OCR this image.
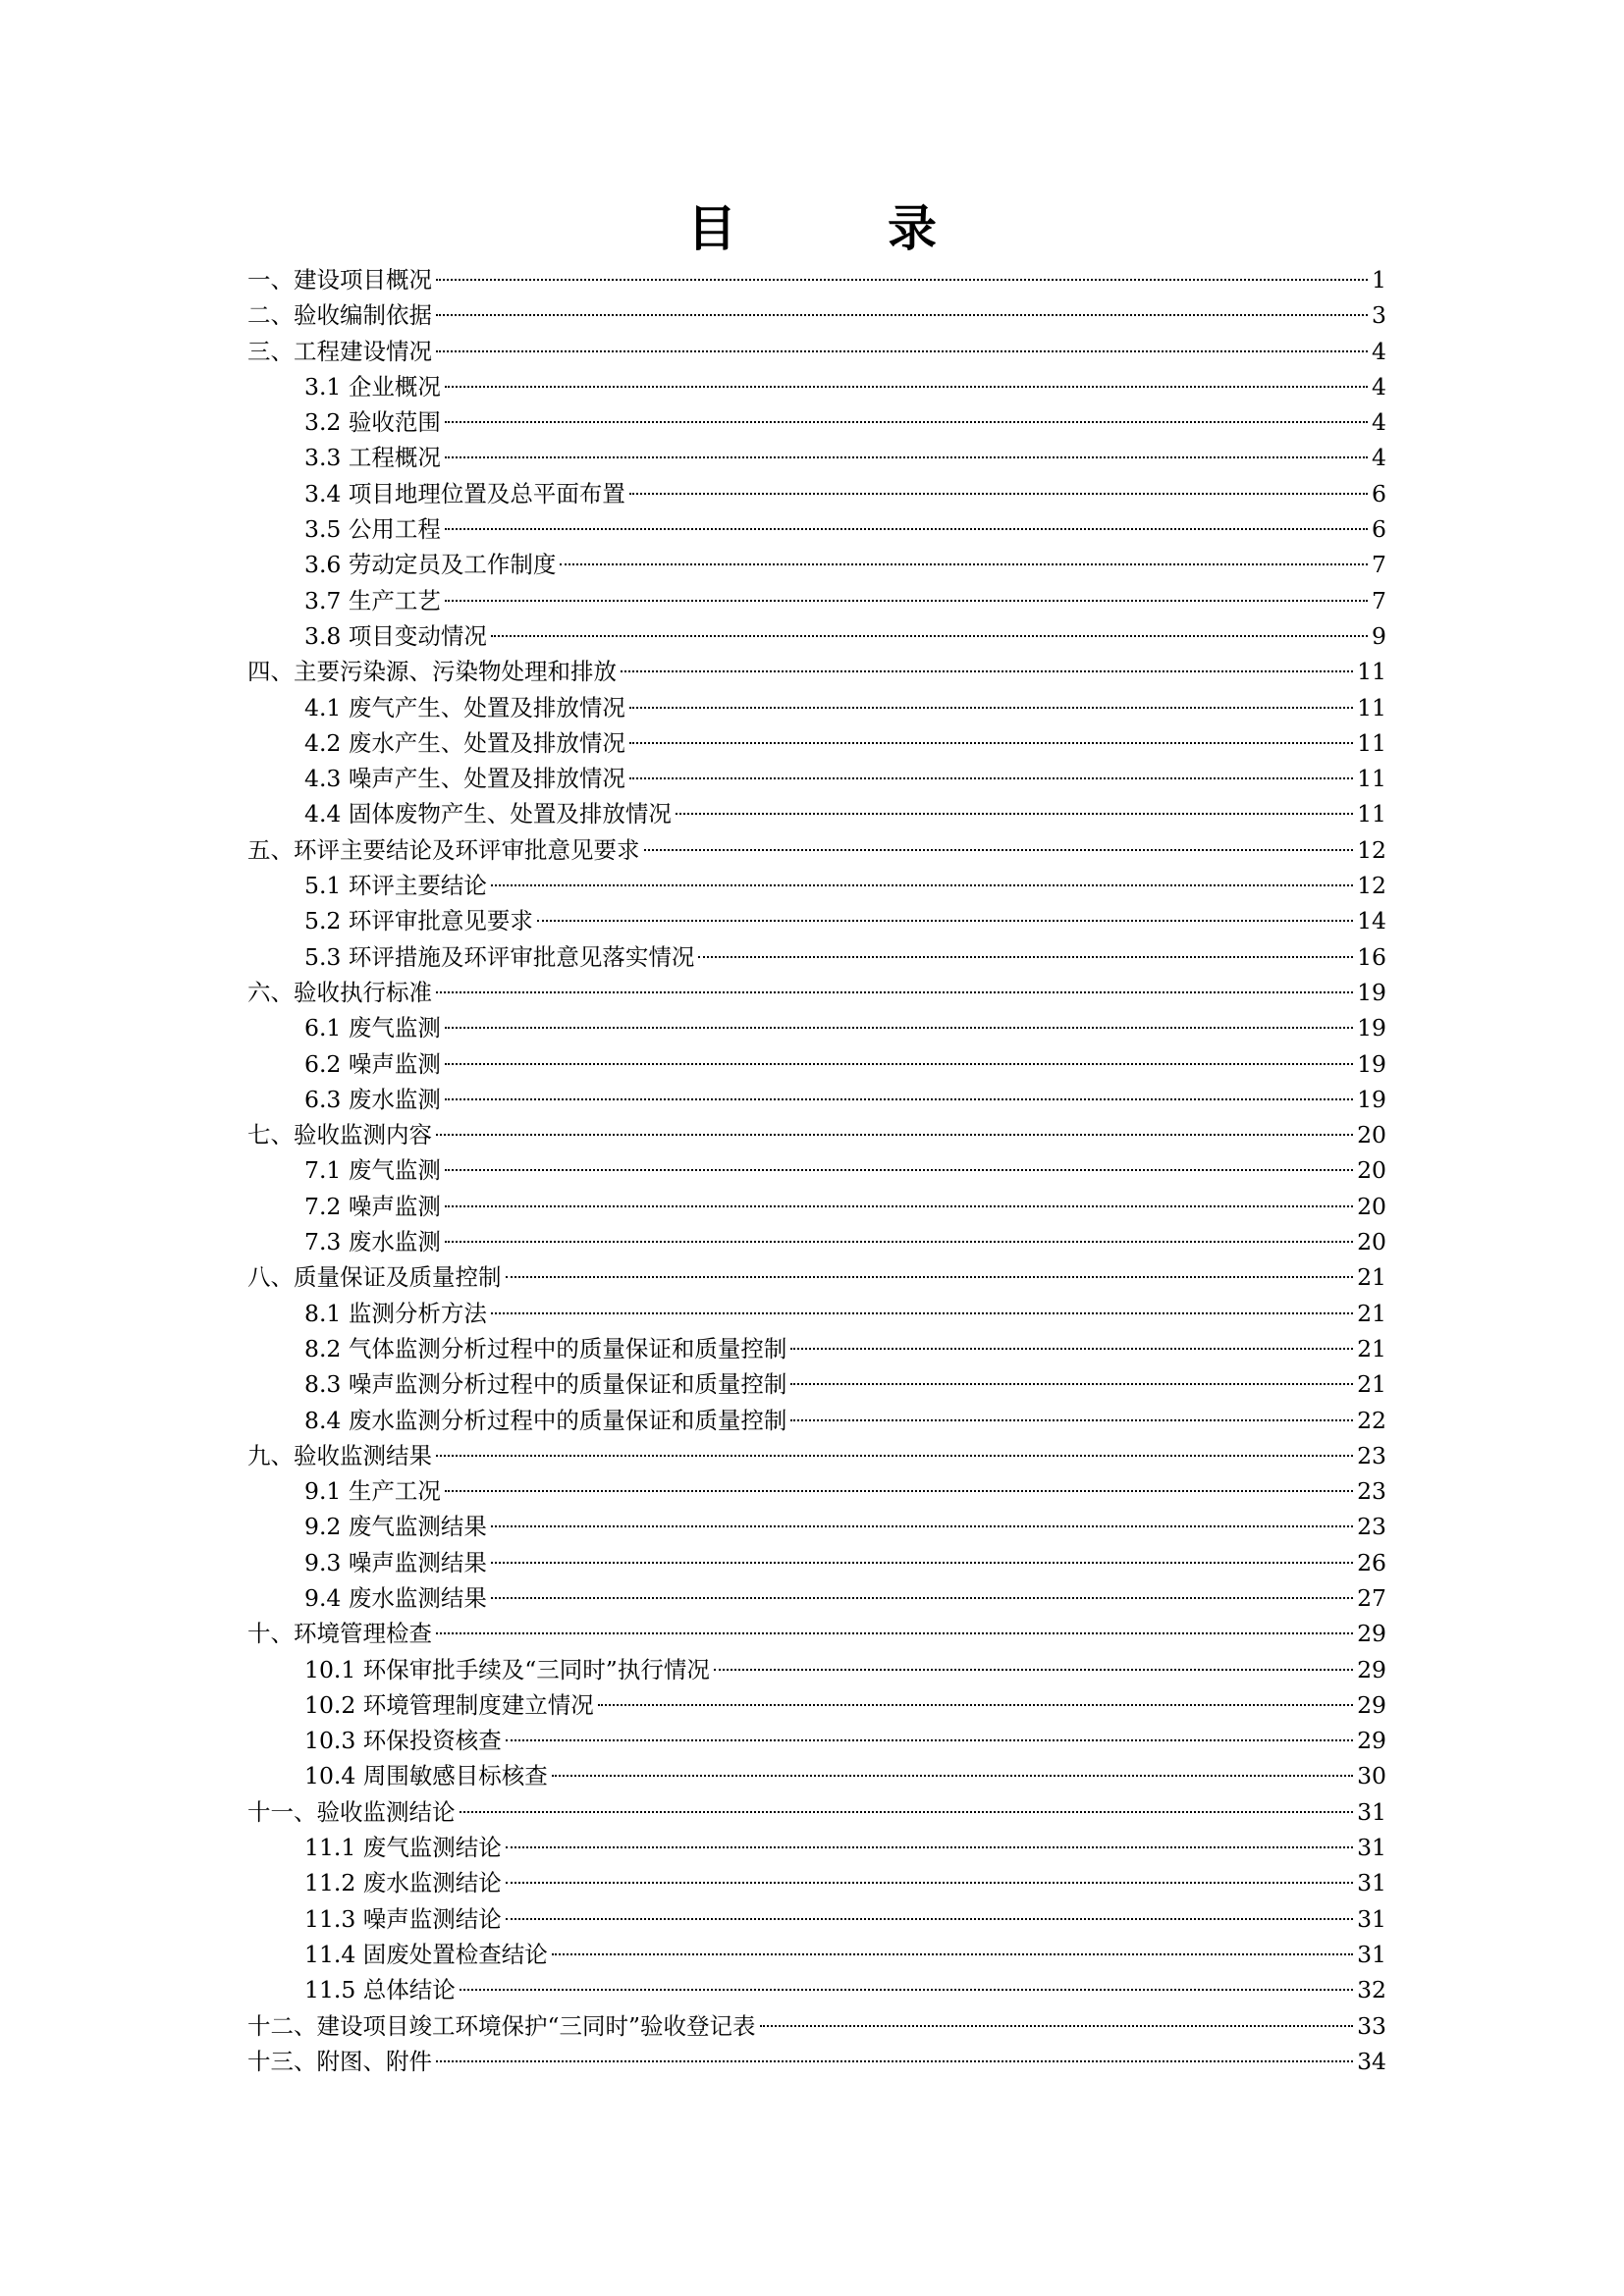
目　录
一、建设项目概况	1
二、验收编制依据	3
三、工程建设情况	4
3.1 企业概况	4
3.2 验收范围	4
3.3 工程概况	4
3.4 项目地理位置及总平面布置	6
3.5 公用工程	6
3.6 劳动定员及工作制度	7
3.7 生产工艺	7
3.8 项目变动情况	9
四、主要污染源、污染物处理和排放	11
4.1 废气产生、处置及排放情况	11
4.2 废水产生、处置及排放情况	11
4.3 噪声产生、处置及排放情况	11
4.4 固体废物产生、处置及排放情况	11
五、环评主要结论及环评审批意见要求	12
5.1 环评主要结论	12
5.2 环评审批意见要求	14
5.3 环评措施及环评审批意见落实情况	16
六、验收执行标准	19
6.1 废气监测	19
6.2 噪声监测	19
6.3 废水监测	19
七、验收监测内容	20
7.1 废气监测	20
7.2 噪声监测	20
7.3 废水监测	20
八、质量保证及质量控制	21
8.1 监测分析方法	21
8.2 气体监测分析过程中的质量保证和质量控制	21
8.3 噪声监测分析过程中的质量保证和质量控制	21
8.4 废水监测分析过程中的质量保证和质量控制	22
九、验收监测结果	23
9.1 生产工况	23
9.2 废气监测结果	23
9.3 噪声监测结果	26
9.4 废水监测结果	27
十、环境管理检查	29
10.1 环保审批手续及“三同时”执行情况	29
10.2 环境管理制度建立情况	29
10.3 环保投资核查	29
10.4 周围敏感目标核查	30
十一、验收监测结论	31
11.1 废气监测结论	31
11.2 废水监测结论	31
11.3 噪声监测结论	31
11.4 固废处置检查结论	31
11.5 总体结论	32
十二、建设项目竣工环境保护“三同时”验收登记表	33
十三、附图、附件	34
